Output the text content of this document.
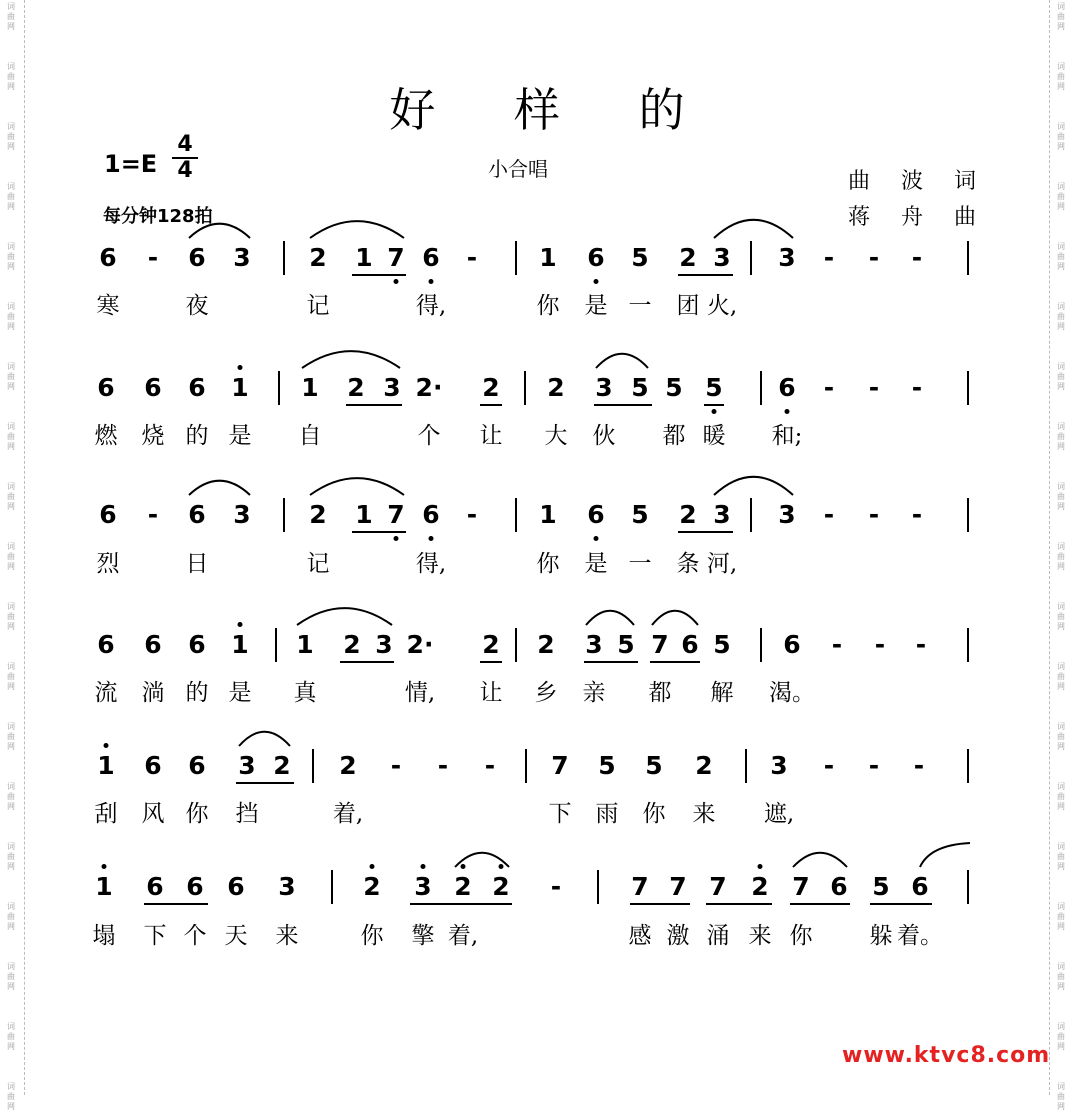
词
曲
网
词
曲
网
词
曲
网
词
曲
网
词
曲
网
词
曲
网
词
曲
网
词
曲
网
词
曲
网
词
曲
网
词
曲
网
词
曲
网
词
曲
网
词
曲
网
词
曲
网
词
曲
网
词
曲
网
词
曲
网
词
曲
网
词
曲
网
词
曲
网
词
曲
网
词
曲
网
词
曲
网
词
曲
网
词
曲
网
词
曲
网
词
曲
网
词
曲
网
词
曲
网
词
曲
网
词
曲
网
词
曲
网
词
曲
网
词
曲
网
词
曲
网
词
曲
网
词
曲
网
好 样 的
$1=E \frac{4}{4}$	小合唱	曲 波 词
每分钟128拍	蒋 舟 曲
6 - 6 3 2 1 7 6 - 1 6 5 2 3 3 - - -
寒	夜	记	得,	你 是 一 团 火,
6 6 6 1 1 2 3 2· 2 2 3 5 5 5 6 - - -
燃 烧 的 是 自	个 让 大 伙 都 暖 和;
6 - 6 3 2 1 7 6 - 1 6 5 2 3 3 - - -
烈	日	记	得,	你 是 一 条 河,
6 6 6 1 1 2 3 2· 2 2 3 5 7 6 5 6 - - -
流 淌 的 是 真	情, 让 乡 亲 都 解 渴。
1 6 6 3 2 2 - - - 7 5 5 2 3 - - -
刮 风 你 挡	着,	下 雨 你 来 遮,
1 6 6 6 3	2 3 2 2 -	7 7 7 2 7 6 5 6
塌 下 个 天 来	你 擎 着,	感 激 涌 来 你 躲 着。
www.ktvc8.com
